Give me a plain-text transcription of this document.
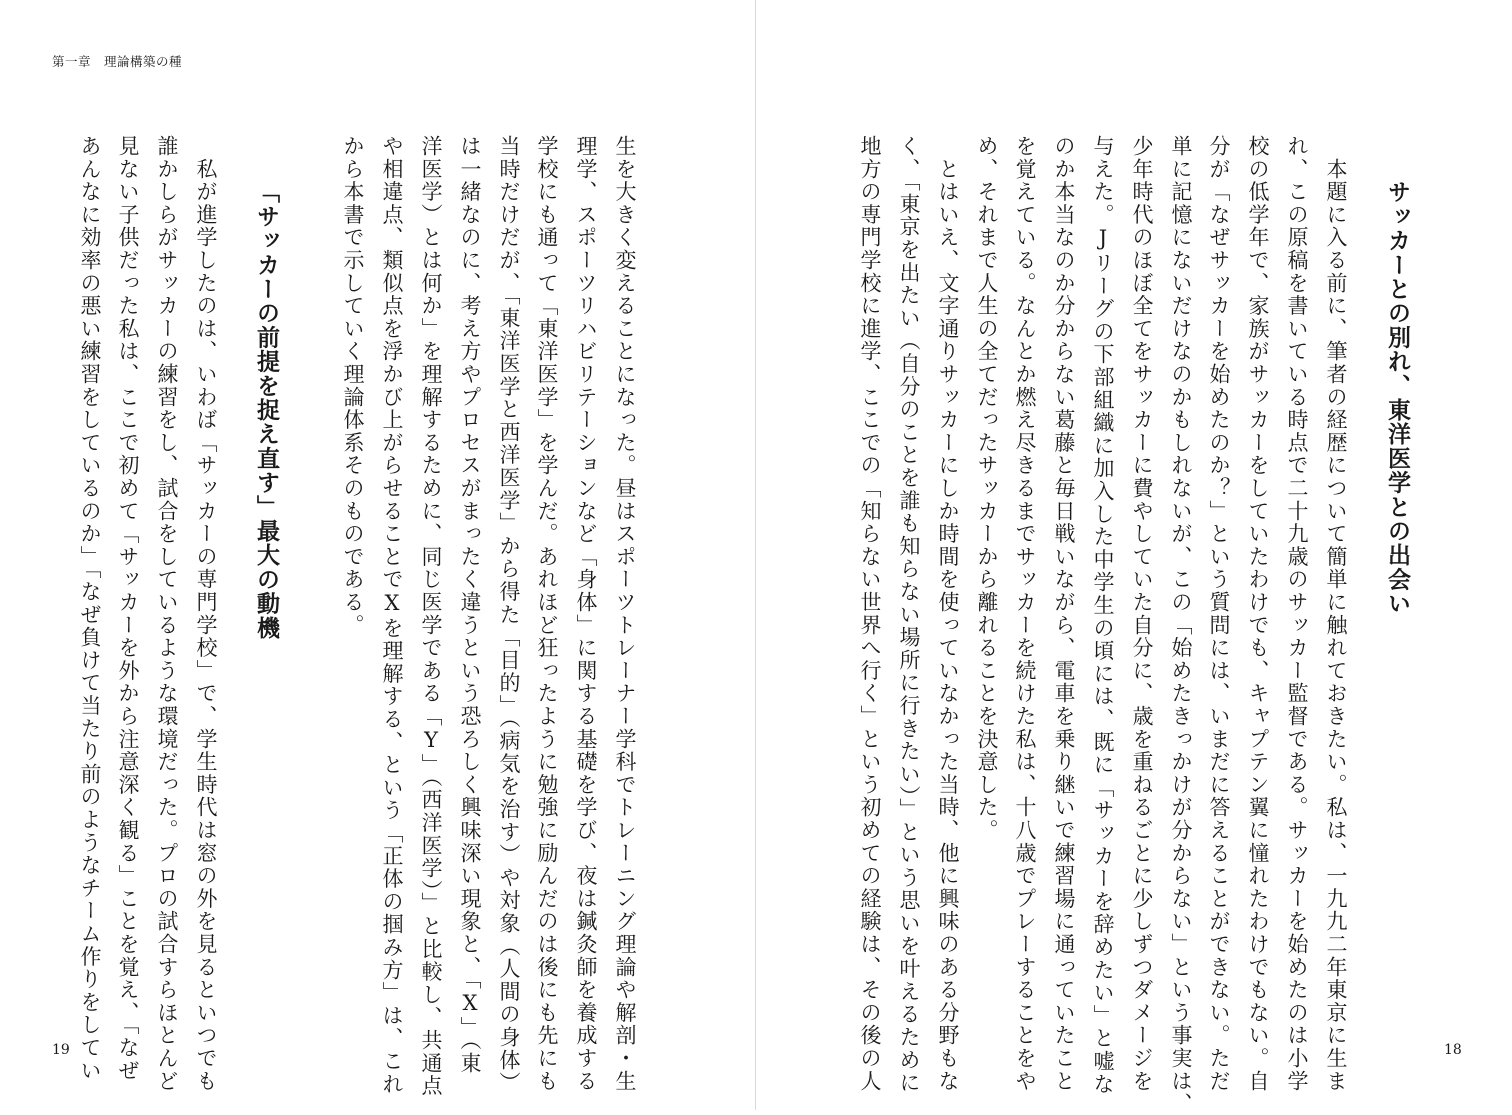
第一章　理論構築の種
生を大きく変えることになった。昼はスポーツトレーナー学科でトレーニング理論や解剖・生
理学、スポーツリハビリテーションなど「身体」に関する基礎を学び、夜は鍼灸師を養成する
学校にも通って「東洋医学」を学んだ。あれほど狂ったように勉強に励んだのは後にも先にも
当時だけだが、「東洋医学と西洋医学」から得た「目的」（病気を治す）や対象（人間の身体）
は一緒なのに、考え方やプロセスがまったく違うという恐ろしく興味深い現象と、「X」（東
洋医学）とは何か」を理解するために、同じ医学である「Y」（西洋医学）」と比較し、共通点
や相違点、類似点を浮かび上がらせることでXを理解する、という「正体の掴み方」は、これ
から本書で示していく理論体系そのものである。
「サッカーの前提を捉え直す」最大の動機
　私が進学したのは、いわば「サッカーの専門学校」で、学生時代は窓の外を見るといつでも
誰かしらがサッカーの練習をし、試合をしているような環境だった。プロの試合すらほとんど
見ない子供だった私は、ここで初めて「サッカーを外から注意深く観る」ことを覚え、「なぜ
あんなに効率の悪い練習をしているのか」「なぜ負けて当たり前のようなチーム作りをしてい
19
サッカーとの別れ、東洋医学との出会い
　本題に入る前に、筆者の経歴について簡単に触れておきたい。私は、一九九二年東京に生ま
れ、この原稿を書いている時点で二十九歳のサッカー監督である。サッカーを始めたのは小学
校の低学年で、家族がサッカーをしていたわけでも、キャプテン翼に憧れたわけでもない。自
分が「なぜサッカーを始めたのか？」という質問には、いまだに答えることができない。ただ
単に記憶にないだけなのかもしれないが、この「始めたきっかけが分からない」という事実は、
少年時代のほぼ全てをサッカーに費やしていた自分に、歳を重ねるごとに少しずつダメージを
与えた。Jリーグの下部組織に加入した中学生の頃には、既に「サッカーを辞めたい」と嘘な
のか本当なのか分からない葛藤と毎日戦いながら、電車を乗り継いで練習場に通っていたこと
を覚えている。なんとか燃え尽きるまでサッカーを続けた私は、十八歳でプレーすることをや
め、それまで人生の全てだったサッカーから離れることを決意した。
　とはいえ、文字通りサッカーにしか時間を使っていなかった当時、他に興味のある分野もな
く、「東京を出たい（自分のことを誰も知らない場所に行きたい）」という思いを叶えるために
地方の専門学校に進学、ここでの「知らない世界へ行く」という初めての経験は、その後の人	18
